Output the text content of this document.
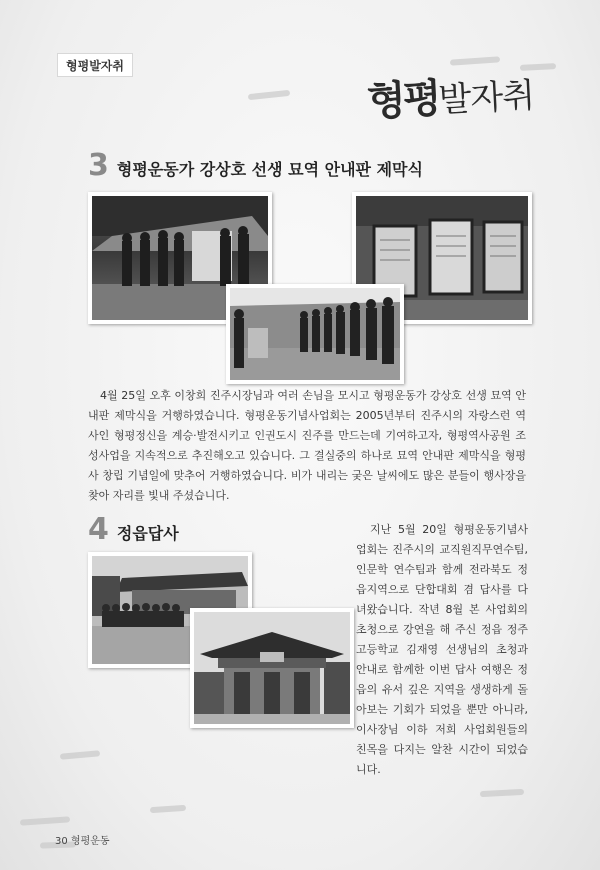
형평발자취
형평발자취
3 형평운동가 강상호 선생 묘역 안내판 제막식
4월 25일 오후 이창희 진주시장님과 여러 손님을 모시고 형평운동가 강상호 선생 묘역 안내판 제막식을 거행하였습니다. 형평운동기념사업회는 2005년부터 진주시의 자랑스런 역사인 형평정신을 계승·발전시키고 인권도시 진주를 만드는데 기여하고자, 형평역사공원 조성사업을 지속적으로 추진해오고 있습니다. 그 결실중의 하나로 묘역 안내판 제막식을 형평사 창립 기념일에 맞추어 거행하였습니다. 비가 내리는 궂은 날씨에도 많은 분들이 행사장을 찾아 자리를 빛내 주셨습니다.
4 정읍답사	지난 5월 20일 형평운동기념사업회는 진주시의 교직원직무연수팀, 인문학 연수팀과 함께 전라북도 정읍지역으로 단합대회 겸 답사를 다녀왔습니다. 작년 8월 본 사업회의 초청으로 강연을 해 주신 정읍 정주고등학교 김재영 선생님의 초청과 안내로 함께한 이번 답사 여행은 정읍의 유서 깊은 지역을 생생하게 돌아보는 기회가 되었을 뿐만 아니라, 이사장님 이하 저희 사업회원들의 친목을 다지는 알찬 시간이 되었습니다.
30 형평운동
